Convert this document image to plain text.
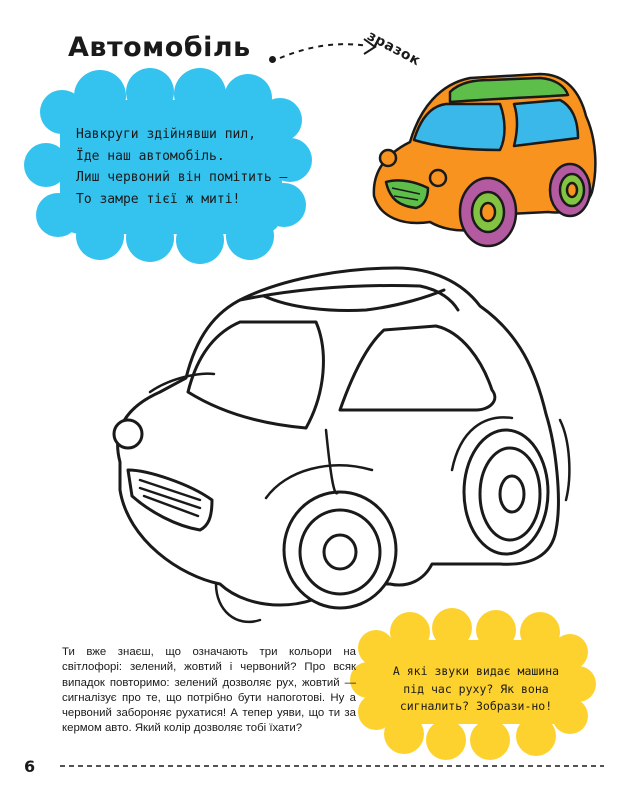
Автомобіль	зразок
Навкруги здійнявши пил,
Їде наш автомобіль.
Лиш червоний він помітить —
То замре тієї ж миті!
Ти вже знаєш, що означають три кольори на світлофорі: зелений, жовтий і червоний? Про всяк випадок повторимо: зелений дозволяє рух, жовтий — сигналізує про те, що потрібно бути напоготові. Ну а червоний забороняє рухатися! А тепер уяви, що ти за кермом авто. Який колір дозволяє тобі їхати?
А які звуки видає машина під час руху? Як вона сигналить? Зобрази-но!
6
